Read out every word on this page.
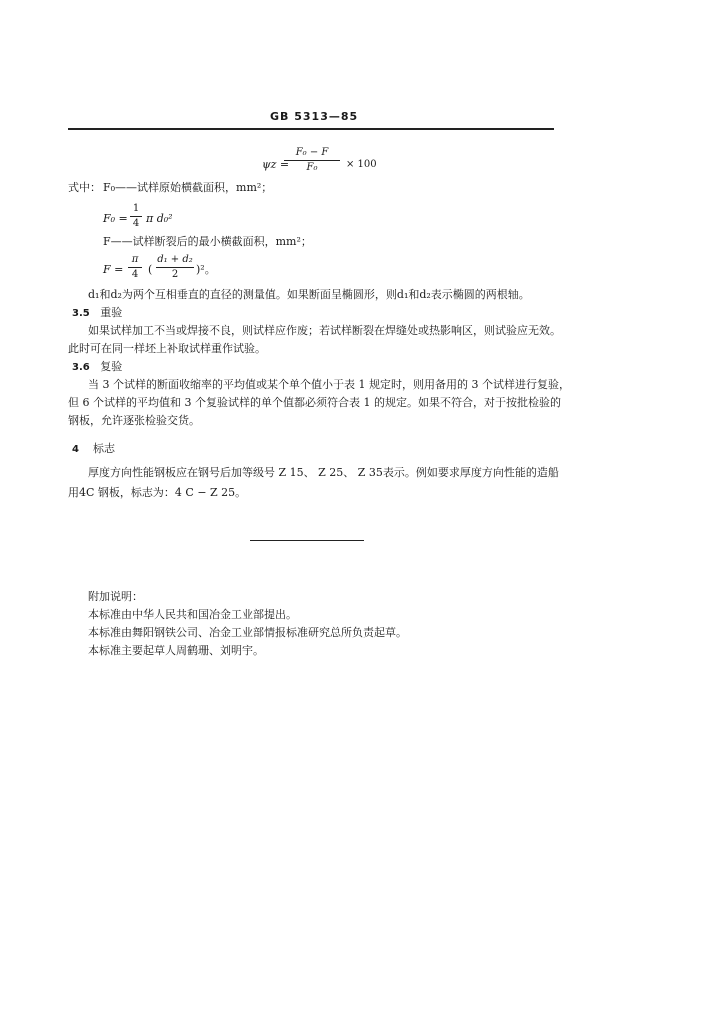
GB 5313—85
ψz =
F₀ − F
F₀	× 100
式中： F₀——试样原始横截面积，mm²；
F₀ =
1
4 π d₀²
F——试样断裂后的最小横截面积，mm²；
F =
π
4 (
d₁ + d₂
2	)²。
d₁和d₂为两个互相垂直的直径的测量值。如果断面呈椭圆形，则d₁和d₂表示椭圆的两根轴。
3.5 重验
如果试样加工不当或焊接不良，则试样应作废；若试样断裂在焊缝处或热影响区，则试验应无效。
此时可在同一样坯上补取试样重作试验。
3.6 复验
当 3 个试样的断面收缩率的平均值或某个单个值小于表 1 规定时，则用备用的 3 个试样进行复验，
但 6 个试样的平均值和 3 个复验试样的单个值都必须符合表 1 的规定。如果不符合，对于按批检验的
钢板，允许逐张检验交货。
4 标志
厚度方向性能钢板应在钢号后加等级号 Z 15、 Z 25、 Z 35表示。例如要求厚度方向性能的造船
用4C 钢板，标志为：4 C − Z 25。
附加说明：
本标准由中华人民共和国冶金工业部提出。
本标准由舞阳钢铁公司、冶金工业部情报标准研究总所负责起草。
本标准主要起草人周鹤珊、刘明宇。
